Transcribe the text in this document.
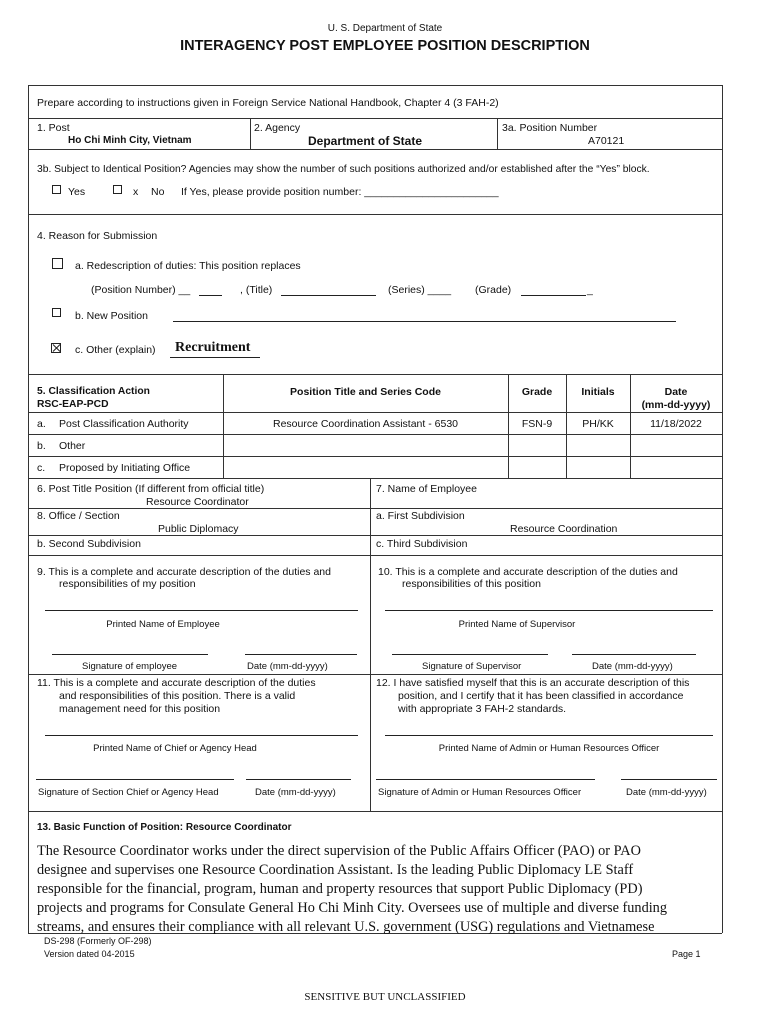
U. S. Department of State
INTERAGENCY POST EMPLOYEE POSITION DESCRIPTION
Prepare according to instructions given in Foreign Service National Handbook, Chapter 4 (3 FAH-2)
1. Post
Ho Chi Minh City, Vietnam
2. Agency
Department of State
3a. Position Number
A70121
3b. Subject to Identical Position? Agencies may show the number of such positions authorized and/or established after the “Yes” block.
Yes	x No If Yes, please provide position number: _______________________
4. Reason for Submission
a. Redescription of duties: This position replaces
(Position Number) __	, (Title)	(Series) ____ (Grade)	_
b. New Position
c. Other (explain) Recruitment
5. Classification Action
RSC-EAP-PCD
Position Title and Series Code	Grade	Initials	Date
(mm-dd-yyyy)
a. Post Classification Authority	Resource Coordination Assistant - 6530	FSN-9	PH/KK	11/18/2022
b. Other
c. Proposed by Initiating Office
6. Post Title Position (If different from official title)
Resource Coordinator
7. Name of Employee
8. Office / Section
Public Diplomacy
a. First Subdivision
Resource Coordination
b. Second Subdivision	c. Third Subdivision
9. This is a complete and accurate description of the duties and
responsibilities of my position
Printed Name of Employee
Signature of employee	Date (mm-dd-yyyy)
10. This is a complete and accurate description of the duties and
responsibilities of this position
Printed Name of Supervisor
Signature of Supervisor	Date (mm-dd-yyyy)
11. This is a complete and accurate description of the duties
and responsibilities of this position. There is a valid
management need for this position
Printed Name of Chief or Agency Head
Signature of Section Chief or Agency Head	Date (mm-dd-yyyy)
12. I have satisfied myself that this is an accurate description of this
position, and I certify that it has been classified in accordance
with appropriate 3 FAH-2 standards.
Printed Name of Admin or Human Resources Officer
Signature of Admin or Human Resources Officer	Date (mm-dd-yyyy)
13. Basic Function of Position: Resource Coordinator
The Resource Coordinator works under the direct supervision of the Public Affairs Officer (PAO) or PAO
designee and supervises one Resource Coordination Assistant. Is the leading Public Diplomacy LE Staff
responsible for the financial, program, human and property resources that support Public Diplomacy (PD)
projects and programs for Consulate General Ho Chi Minh City. Oversees use of multiple and diverse funding
streams, and ensures their compliance with all relevant U.S. government (USG) regulations and Vietnamese
DS-298 (Formerly OF-298)
Version dated 04-2015	Page 1
SENSITIVE BUT UNCLASSIFIED
